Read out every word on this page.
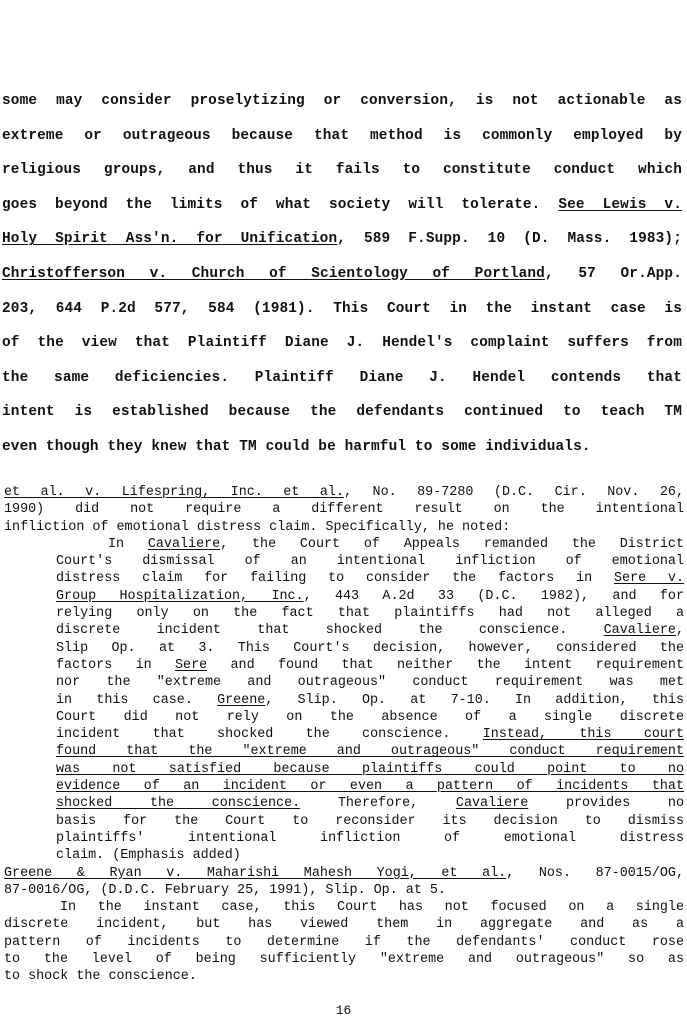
some may consider proselytizing or conversion, is not actionable as
extreme or outrageous because that method is commonly employed by
religious groups, and thus it fails to constitute conduct which
goes beyond the limits of what society will tolerate. See Lewis v.
Holy Spirit Ass'n. for Unification, 589 F.Supp. 10 (D. Mass. 1983);
Christofferson v. Church of Scientology of Portland, 57 Or.App.
203, 644 P.2d 577, 584 (1981). This Court in the instant case is
of the view that Plaintiff Diane J. Hendel's complaint suffers from
the same deficiencies. Plaintiff Diane J. Hendel contends that
intent is established because the defendants continued to teach TM
even though they knew that TM could be harmful to some individuals.
et al. v. Lifespring, Inc. et al., No. 89-7280 (D.C. Cir. Nov. 26,
1990) did not require a different result on the intentional
infliction of emotional distress claim. Specifically, he noted:
In Cavaliere, the Court of Appeals remanded the District
Court's dismissal of an intentional infliction of emotional
distress claim for failing to consider the factors in Sere v.
Group Hospitalization, Inc., 443 A.2d 33 (D.C. 1982), and for
relying only on the fact that plaintiffs had not alleged a
discrete incident that shocked the conscience. Cavaliere,
Slip Op. at 3. This Court's decision, however, considered the
factors in Sere and found that neither the intent requirement
nor the "extreme and outrageous" conduct requirement was met
in this case. Greene, Slip. Op. at 7-10. In addition, this
Court did not rely on the absence of a single discrete
incident that shocked the conscience. Instead, this court
found that the "extreme and outrageous" conduct requirement
was not satisfied because plaintiffs could point to no
evidence of an incident or even a pattern of incidents that
shocked the conscience. Therefore, Cavaliere provides no
basis for the Court to reconsider its decision to dismiss
plaintiffs' intentional infliction of emotional distress
claim. (Emphasis added)
Greene & Ryan v. Maharishi Mahesh Yogi, et al., Nos. 87-0015/OG,
87-0016/OG, (D.D.C. February 25, 1991), Slip. Op. at 5.
In the instant case, this Court has not focused on a single
discrete incident, but has viewed them in aggregate and as a
pattern of incidents to determine if the defendants' conduct rose
to the level of being sufficiently "extreme and outrageous" so as
to shock the conscience.
16
